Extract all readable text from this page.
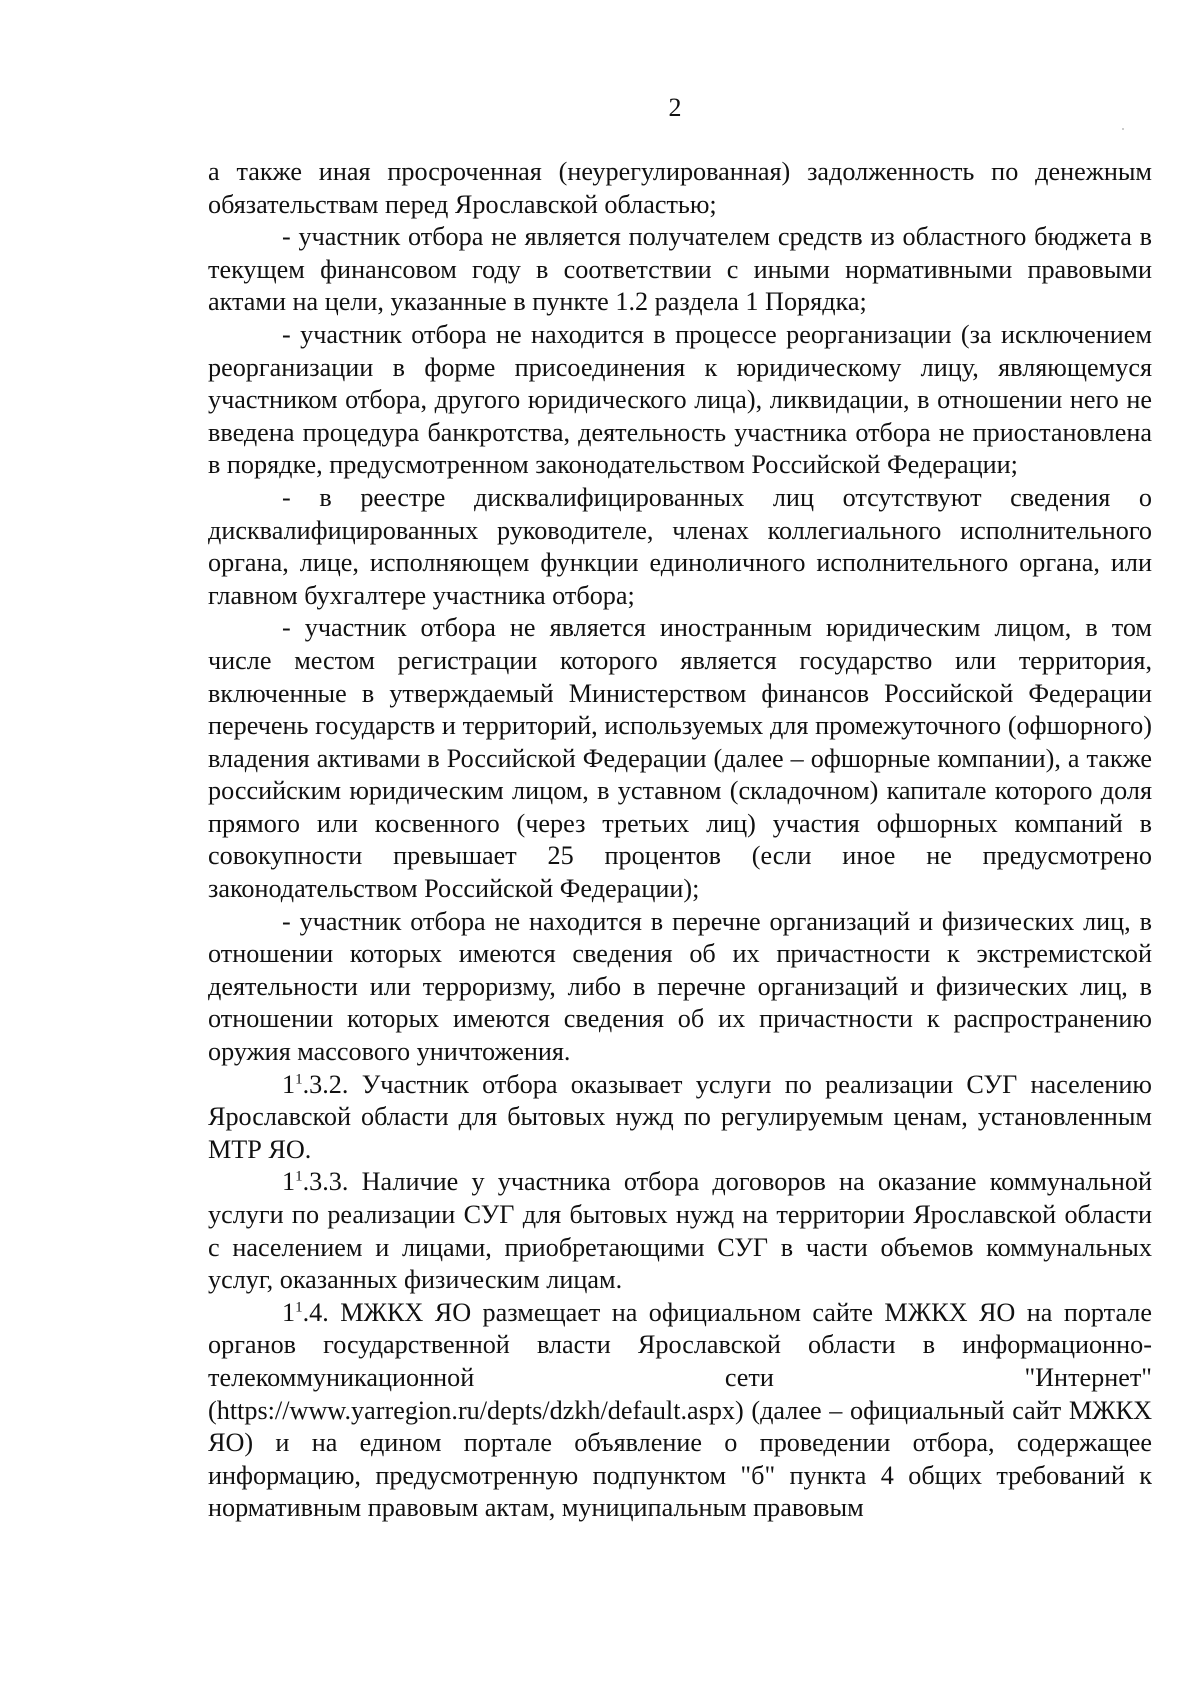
2

а также иная просроченная (неурегулированная) задолженность по денежным обязательствам перед Ярославской областью;

- участник отбора не является получателем средств из областного бюджета в текущем финансовом году в соответствии с иными нормативными правовыми актами на цели, указанные в пункте 1.2 раздела 1 Порядка;

- участник отбора не находится в процессе реорганизации (за исключением реорганизации в форме присоединения к юридическому лицу, являющемуся участником отбора, другого юридического лица), ликвидации, в отношении него не введена процедура банкротства, деятельность участника отбора не приостановлена в порядке, предусмотренном законодательством Российской Федерации;

- в реестре дисквалифицированных лиц отсутствуют сведения о дисквалифицированных руководителе, членах коллегиального исполнительного органа, лице, исполняющем функции единоличного исполнительного органа, или главном бухгалтере участника отбора;

- участник отбора не является иностранным юридическим лицом, в том числе местом регистрации которого является государство или территория, включенные в утверждаемый Министерством финансов Российской Федерации перечень государств и территорий, используемых для промежуточного (офшорного) владения активами в Российской Федерации (далее – офшорные компании), а также российским юридическим лицом, в уставном (складочном) капитале которого доля прямого или косвенного (через третьих лиц) участия офшорных компаний в совокупности превышает 25 процентов (если иное не предусмотрено законодательством Российской Федерации);

- участник отбора не находится в перечне организаций и физических лиц, в отношении которых имеются сведения об их причастности к экстремистской деятельности или терроризму, либо в перечне организаций и физических лиц, в отношении которых имеются сведения об их причастности к распространению оружия массового уничтожения.

$1^1.3.2$. Участник отбора оказывает услуги по реализации СУГ населению Ярославской области для бытовых нужд по регулируемым ценам, установленным МТР ЯО.

$1^1.3.3$. Наличие у участника отбора договоров на оказание коммунальной услуги по реализации СУГ для бытовых нужд на территории Ярославской области с населением и лицами, приобретающими СУГ в части объемов коммунальных услуг, оказанных физическим лицам.

$1^1.4$. МЖКХ ЯО размещает на официальном сайте МЖКХ ЯО на портале органов государственной власти Ярославской области в информационно-телекоммуникационной сети "Интернет" (https://www.yarregion.ru/depts/dzkh/default.aspx) (далее – официальный сайт МЖКХ ЯО) и на едином портале объявление о проведении отбора, содержащее информацию, предусмотренную подпунктом "б" пункта 4 общих требований к нормативным правовым актам, муниципальным правовым
